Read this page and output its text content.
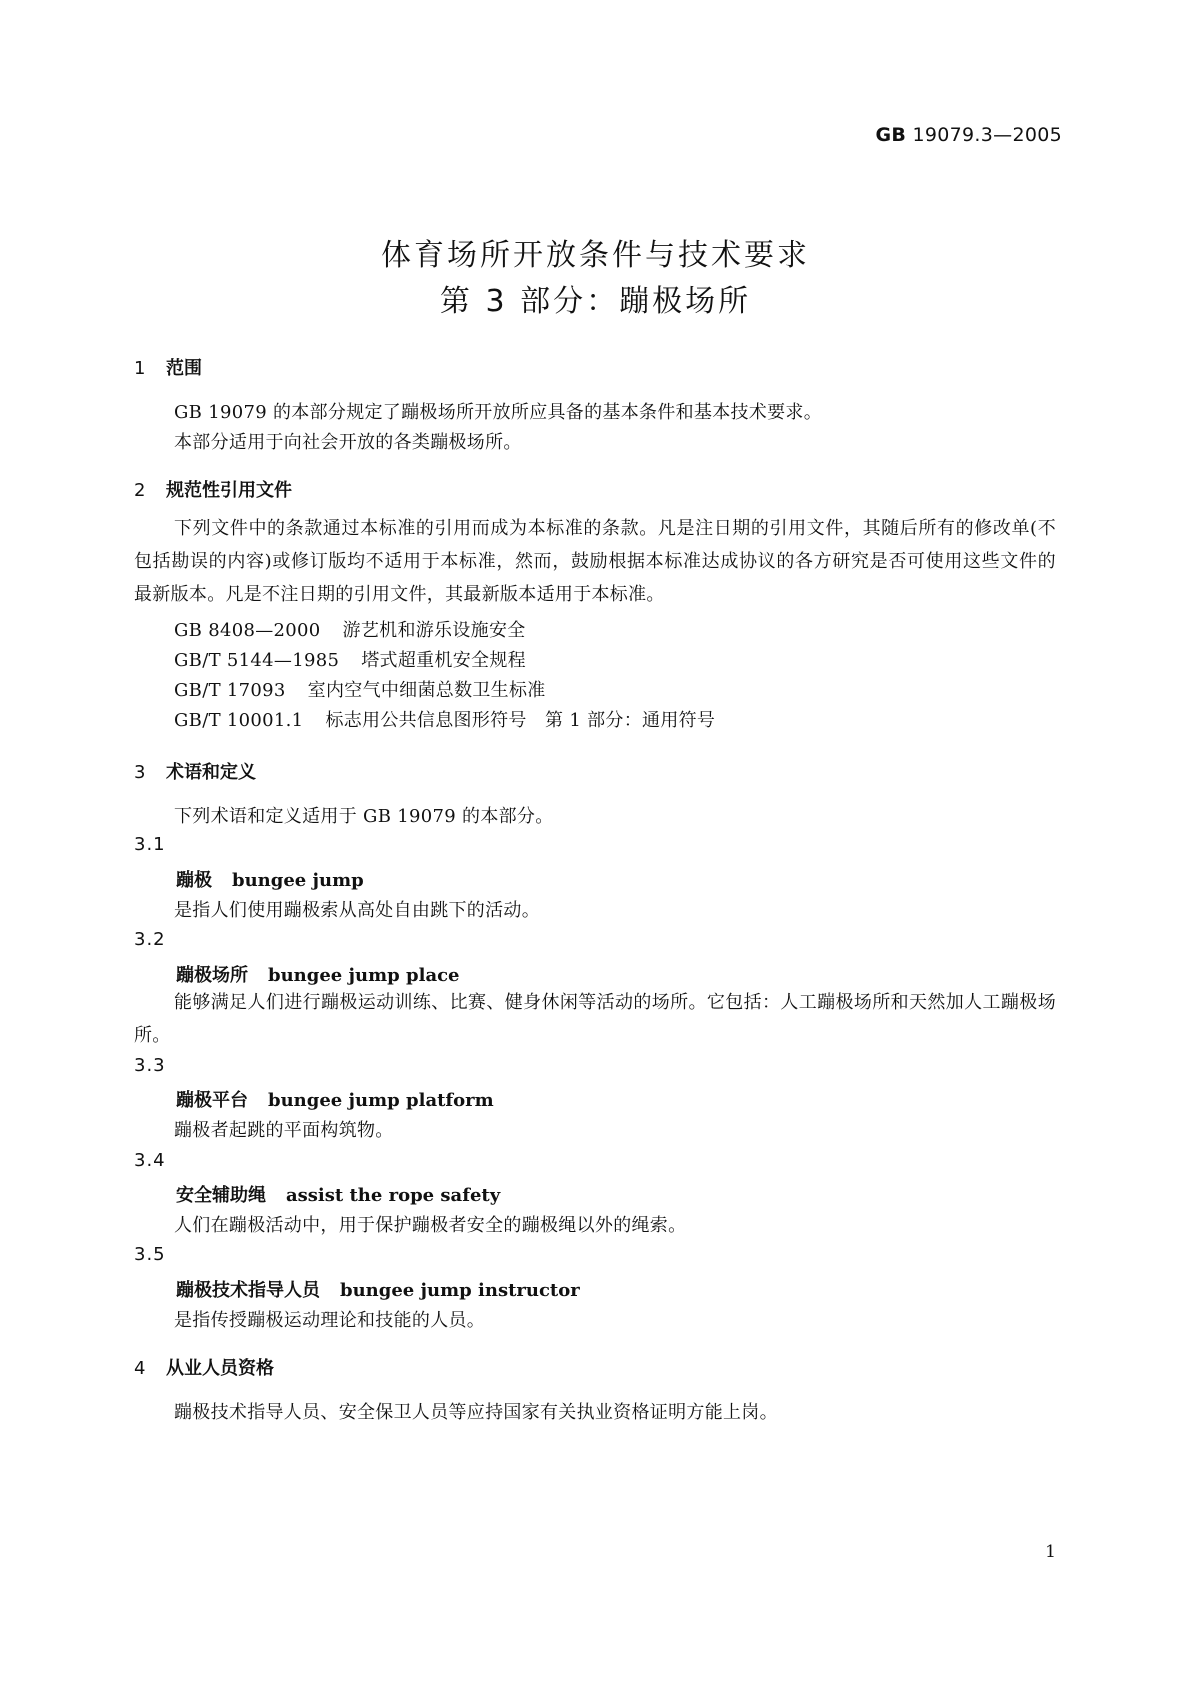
GB 19079.3—2005
体育场所开放条件与技术要求
第 3 部分：蹦极场所
1 范围
GB 19079 的本部分规定了蹦极场所开放所应具备的基本条件和基本技术要求。
本部分适用于向社会开放的各类蹦极场所。
2 规范性引用文件
下列文件中的条款通过本标准的引用而成为本标准的条款。凡是注日期的引用文件，其随后所有的修改单(不包括勘误的内容)或修订版均不适用于本标准，然而，鼓励根据本标准达成协议的各方研究是否可使用这些文件的最新版本。凡是不注日期的引用文件，其最新版本适用于本标准。
GB 8408—2000 游艺机和游乐设施安全
GB/T 5144—1985 塔式超重机安全规程
GB/T 17093 室内空气中细菌总数卫生标准
GB/T 10001.1 标志用公共信息图形符号　第 1 部分：通用符号
3 术语和定义
下列术语和定义适用于 GB 19079 的本部分。
3.1
蹦极 bungee jump
是指人们使用蹦极索从高处自由跳下的活动。
3.2
蹦极场所 bungee jump place
能够满足人们进行蹦极运动训练、比赛、健身休闲等活动的场所。它包括：人工蹦极场所和天然加人工蹦极场所。
3.3
蹦极平台 bungee jump platform
蹦极者起跳的平面构筑物。
3.4
安全辅助绳 assist the rope safety
人们在蹦极活动中，用于保护蹦极者安全的蹦极绳以外的绳索。
3.5
蹦极技术指导人员 bungee jump instructor
是指传授蹦极运动理论和技能的人员。
4 从业人员资格
蹦极技术指导人员、安全保卫人员等应持国家有关执业资格证明方能上岗。
1
